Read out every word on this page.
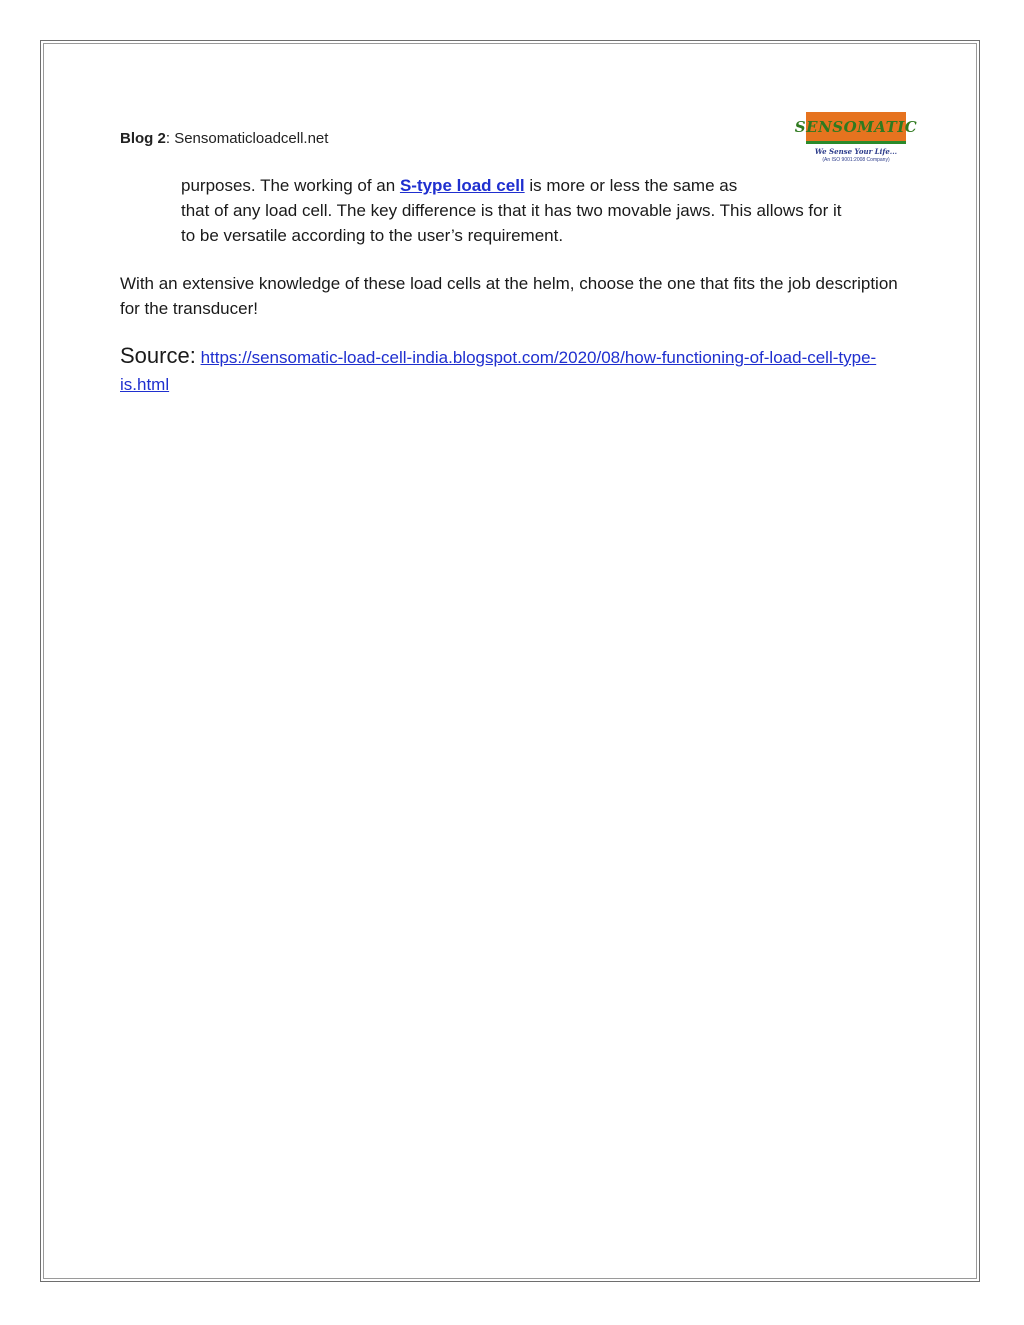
Blog 2: Sensomaticloadcell.net
SENSOMATIC
We Sense Your Life...
(An ISO 9001:2008 Company)

purposes. The working of an S-type load cell is more or less the same as

that of any load cell. The key difference is that it has two movable jaws. This allows for it

to be versatile according to the user’s requirement.

With an extensive knowledge of these load cells at the helm, choose the one that fits the job description for the transducer!

Source: https://sensomatic-load-cell-india.blogspot.com/2020/08/how-functioning-of-load-cell-type-is.html
